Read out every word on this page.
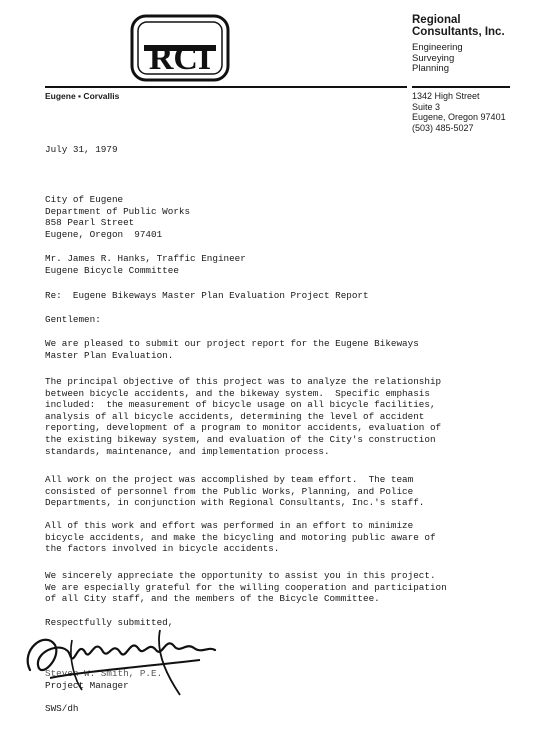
RCI
Regional
Consultants, Inc.
Engineering
Surveying
Planning
Eugene ▪ Corvallis	1342 High Street
Suite 3
Eugene, Oregon 97401
(503) 485-5027
July 31, 1979
City of Eugene
Department of Public Works
858 Pearl Street
Eugene, Oregon  97401
Mr. James R. Hanks, Traffic Engineer
Eugene Bicycle Committee
Re:  Eugene Bikeways Master Plan Evaluation Project Report
Gentlemen:
We are pleased to submit our project report for the Eugene Bikeways
Master Plan Evaluation.
The principal objective of this project was to analyze the relationship
between bicycle accidents, and the bikeway system.  Specific emphasis
included:  the measurement of bicycle usage on all bicycle facilities,
analysis of all bicycle accidents, determining the level of accident
reporting, development of a program to monitor accidents, evaluation of
the existing bikeway system, and evaluation of the City's construction
standards, maintenance, and implementation process.
All work on the project was accomplished by team effort.  The team
consisted of personnel from the Public Works, Planning, and Police
Departments, in conjunction with Regional Consultants, Inc.'s staff.
All of this work and effort was performed in an effort to minimize
bicycle accidents, and make the bicycling and motoring public aware of
the factors involved in bicycle accidents.
We sincerely appreciate the opportunity to assist you in this project.
We are especially grateful for the willing cooperation and participation
of all City staff, and the members of the Bicycle Committee.
Respectfully submitted,
Steven W. Smith, P.E.
Project Manager
SWS/dh
